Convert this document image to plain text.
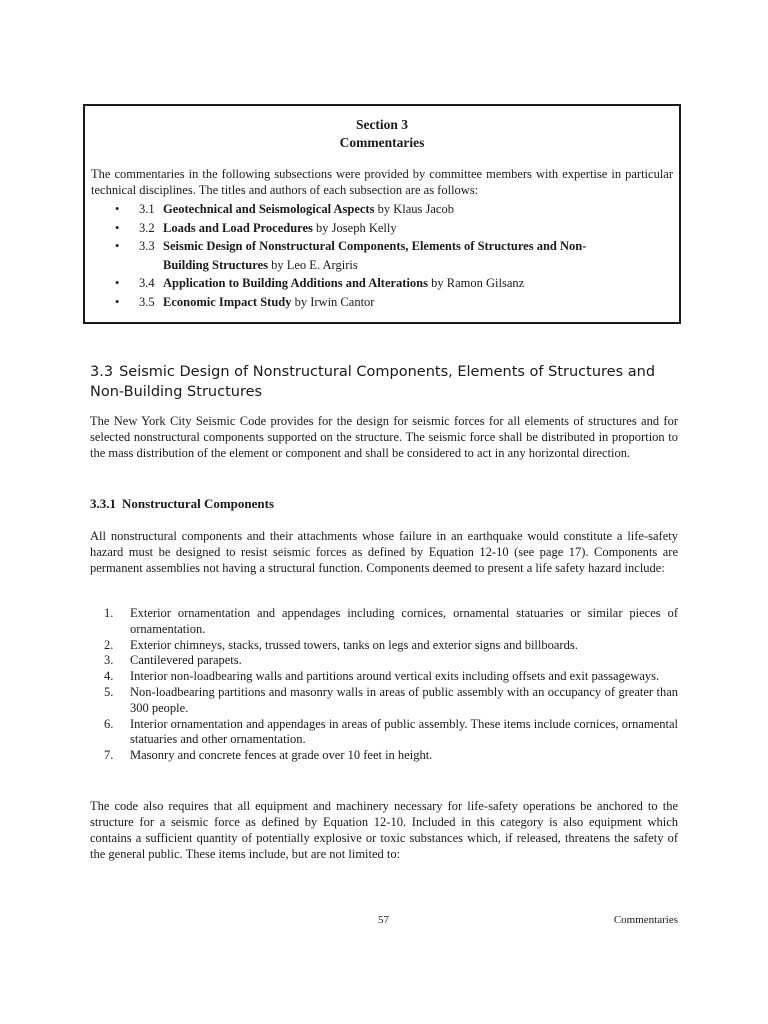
Section 3
Commentaries
The commentaries in the following subsections were provided by committee members with expertise in particular technical disciplines. The titles and authors of each subsection are as follows:
• 3.1 Geotechnical and Seismological Aspects by Klaus Jacob
• 3.2 Loads and Load Procedures by Joseph Kelly
• 3.3 Seismic Design of Nonstructural Components, Elements of Structures and Non-
Building Structures by Leo E. Argiris
• 3.4 Application to Building Additions and Alterations by Ramon Gilsanz
• 3.5 Economic Impact Study by Irwin Cantor
3.3 Seismic Design of Nonstructural Components, Elements of Structures and Non-Building Structures
The New York City Seismic Code provides for the design for seismic forces for all elements of structures and for selected nonstructural components supported on the structure. The seismic force shall be distributed in proportion to the mass distribution of the element or component and shall be considered to act in any horizontal direction.
3.3.1 Nonstructural Components
All nonstructural components and their attachments whose failure in an earthquake would constitute a life-safety hazard must be designed to resist seismic forces as defined by Equation 12-10 (see page 17). Components are permanent assemblies not having a structural function. Components deemed to present a life safety hazard include:
1. Exterior ornamentation and appendages including cornices, ornamental statuaries or similar pieces of ornamentation.
2. Exterior chimneys, stacks, trussed towers, tanks on legs and exterior signs and billboards.
3. Cantilevered parapets.
4. Interior non-loadbearing walls and partitions around vertical exits including offsets and exit passageways.
5. Non-loadbearing partitions and masonry walls in areas of public assembly with an occupancy of greater than 300 people.
6. Interior ornamentation and appendages in areas of public assembly. These items include cornices, ornamental statuaries and other ornamentation.
7. Masonry and concrete fences at grade over 10 feet in height.
The code also requires that all equipment and machinery necessary for life-safety operations be anchored to the structure for a seismic force as defined by Equation 12-10. Included in this category is also equipment which contains a sufficient quantity of potentially explosive or toxic substances which, if released, threatens the safety of the general public. These items include, but are not limited to:
57	Commentaries
